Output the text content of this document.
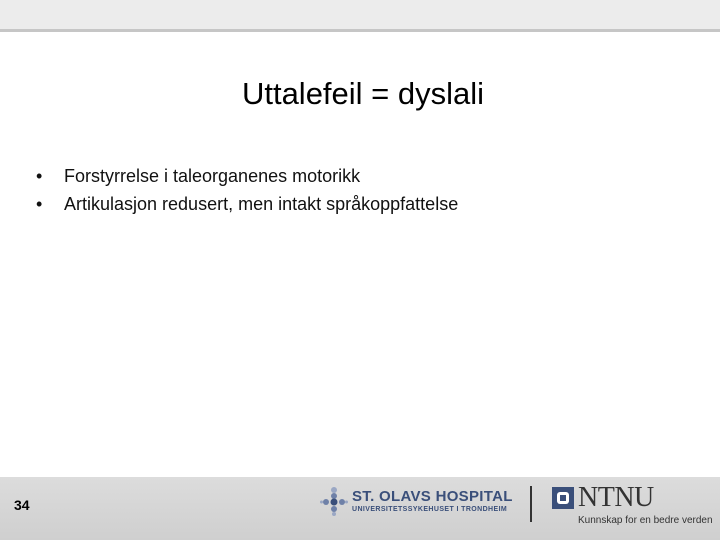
Uttalefeil = dyslali
•	Forstyrrelse i taleorganenes motorikk
•	Artikulasjon redusert, men intakt språkoppfattelse
34	ST. OLAVS HOSPITAL
UNIVERSITETSSYKEHUSET I TRONDHEIM	NTNU
Kunnskap for en bedre verden
